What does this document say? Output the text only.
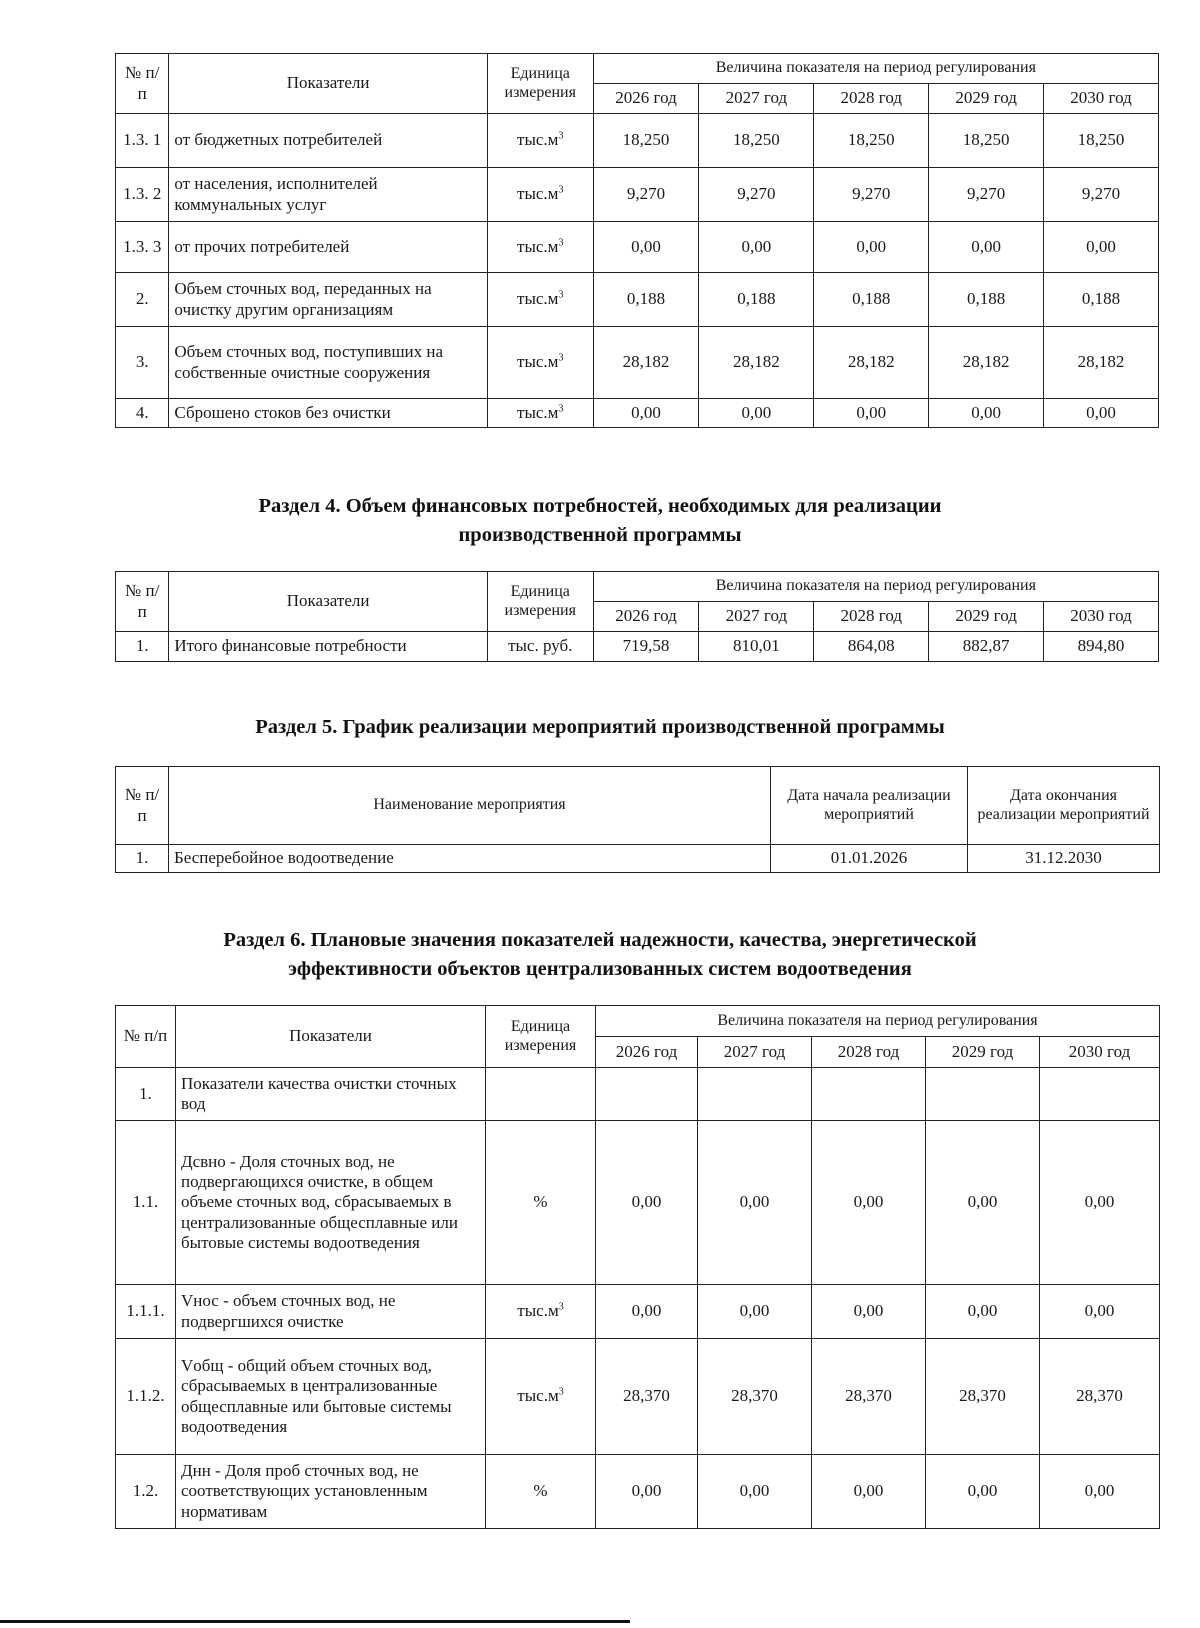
№ п/п	Показатели	Единица измерения	Величина показателя на период регулирования				
			2026 год	2027 год	2028 год	2029 год	2030 год
1.3. 1	от бюджетных потребителей	$тыс.м^3$	18,250	18,250	18,250	18,250	18,250
1.3. 2	от населения, исполнителей коммунальных услуг	$тыс.м^3$	9,270	9,270	9,270	9,270	9,270
1.3. 3	от прочих потребителей	$тыс.м^3$	0,00	0,00	0,00	0,00	0,00
2.	Объем сточных вод, переданных на очистку другим организациям	$тыс.м^3$	0,188	0,188	0,188	0,188	0,188
3.	Объем сточных вод, поступивших на собственные очистные сооружения	$тыс.м^3$	28,182	28,182	28,182	28,182	28,182
4.	Сброшено стоков без очистки	$тыс.м^3$	0,00	0,00	0,00	0,00	0,00
Раздел 4. Объем финансовых потребностей, необходимых для реализации
производственной программы
№ п/п	Показатели	Единица измерения	Величина показателя на период регулирования				
			2026 год	2027 год	2028 год	2029 год	2030 год
1.	Итого финансовые потребности	тыс. руб.	719,58	810,01	864,08	882,87	894,80
Раздел 5. График реализации мероприятий производственной программы
№ п/п	Наименование мероприятия	Дата начала реализации мероприятий	Дата окончания реализации мероприятий
1.	Бесперебойное водоотведение	01.01.2026	31.12.2030
Раздел 6. Плановые значения показателей надежности, качества, энергетической
эффективности объектов централизованных систем водоотведения
№ п/п	Показатели	Единица измерения	Величина показателя на период регулирования				
			2026 год	2027 год	2028 год	2029 год	2030 год
1.	Показатели качества очистки сточных вод						
1.1.	Дсвно - Доля сточных вод, не подвергающихся очистке, в общем объеме сточных вод, сбрасываемых в централизованные общесплавные или бытовые системы водоотведения	%	0,00	0,00	0,00	0,00	0,00
1.1.1.	Vнос - объем сточных вод, не подвергшихся очистке	$тыс.м^3$	0,00	0,00	0,00	0,00	0,00
1.1.2.	Vобщ - общий объем сточных вод, сбрасываемых в централизованные общесплавные или бытовые системы водоотведения	$тыс.м^3$	28,370	28,370	28,370	28,370	28,370
1.2.	Днн - Доля проб сточных вод, не соответствующих установленным нормативам	%	0,00	0,00	0,00	0,00	0,00
